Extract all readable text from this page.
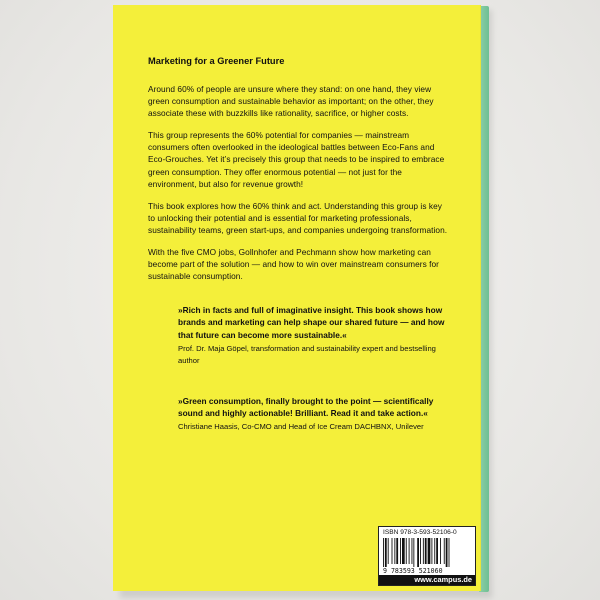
Marketing for a Greener Future

Around 60% of people are unsure where they stand: on one hand, they view green consumption and sustainable behavior as important; on the other, they associate these with buzzkills like rationality, sacrifice, or higher costs.

This group represents the 60% potential for companies — mainstream consumers often overlooked in the ideological battles between Eco-Fans and Eco-Grouches. Yet it’s precisely this group that needs to be inspired to embrace green consumption. They offer enormous potential — not just for the environment, but also for revenue growth!

This book explores how the 60% think and act. Understanding this group is key to unlocking their potential and is essential for marketing professionals, sustainability teams, green start-ups, and companies undergoing transformation.

With the five CMO jobs, Gollnhofer and Pechmann show how marketing can become part of the solution — and how to win over mainstream consumers for sustainable consumption.

»Rich in facts and full of imaginative insight. This book shows how brands and marketing can help shape our shared future — and how that future can become more sustainable.«

Prof. Dr. Maja Göpel, transformation and sustainability expert and bestselling author

»Green consumption, finally brought to the point — scientifically sound and highly actionable! Brilliant. Read it and take action.«

Christiane Haasis, Co-CMO and Head of Ice Cream DACHBNX, Unilever

ISBN 978-3-593-52106-0
9 783593 521060
www.campus.de
